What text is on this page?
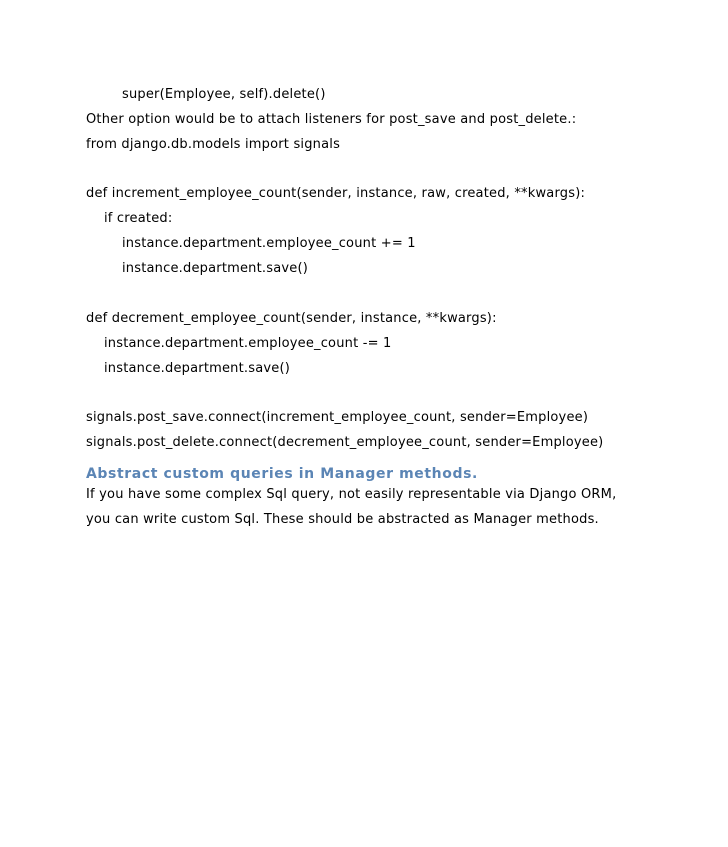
super(Employee, self).delete()
Other option would be to attach listeners for post_save and post_delete.:
from django.db.models import signals
def increment_employee_count(sender, instance, raw, created, **kwargs):
if created:
instance.department.employee_count += 1
instance.department.save()
def decrement_employee_count(sender, instance, **kwargs):
instance.department.employee_count -= 1
instance.department.save()
signals.post_save.connect(increment_employee_count, sender=Employee)
signals.post_delete.connect(decrement_employee_count, sender=Employee)
Abstract custom queries in Manager methods.
If you have some complex Sql query, not easily representable via Django ORM,
you can write custom Sql. These should be abstracted as Manager methods.
